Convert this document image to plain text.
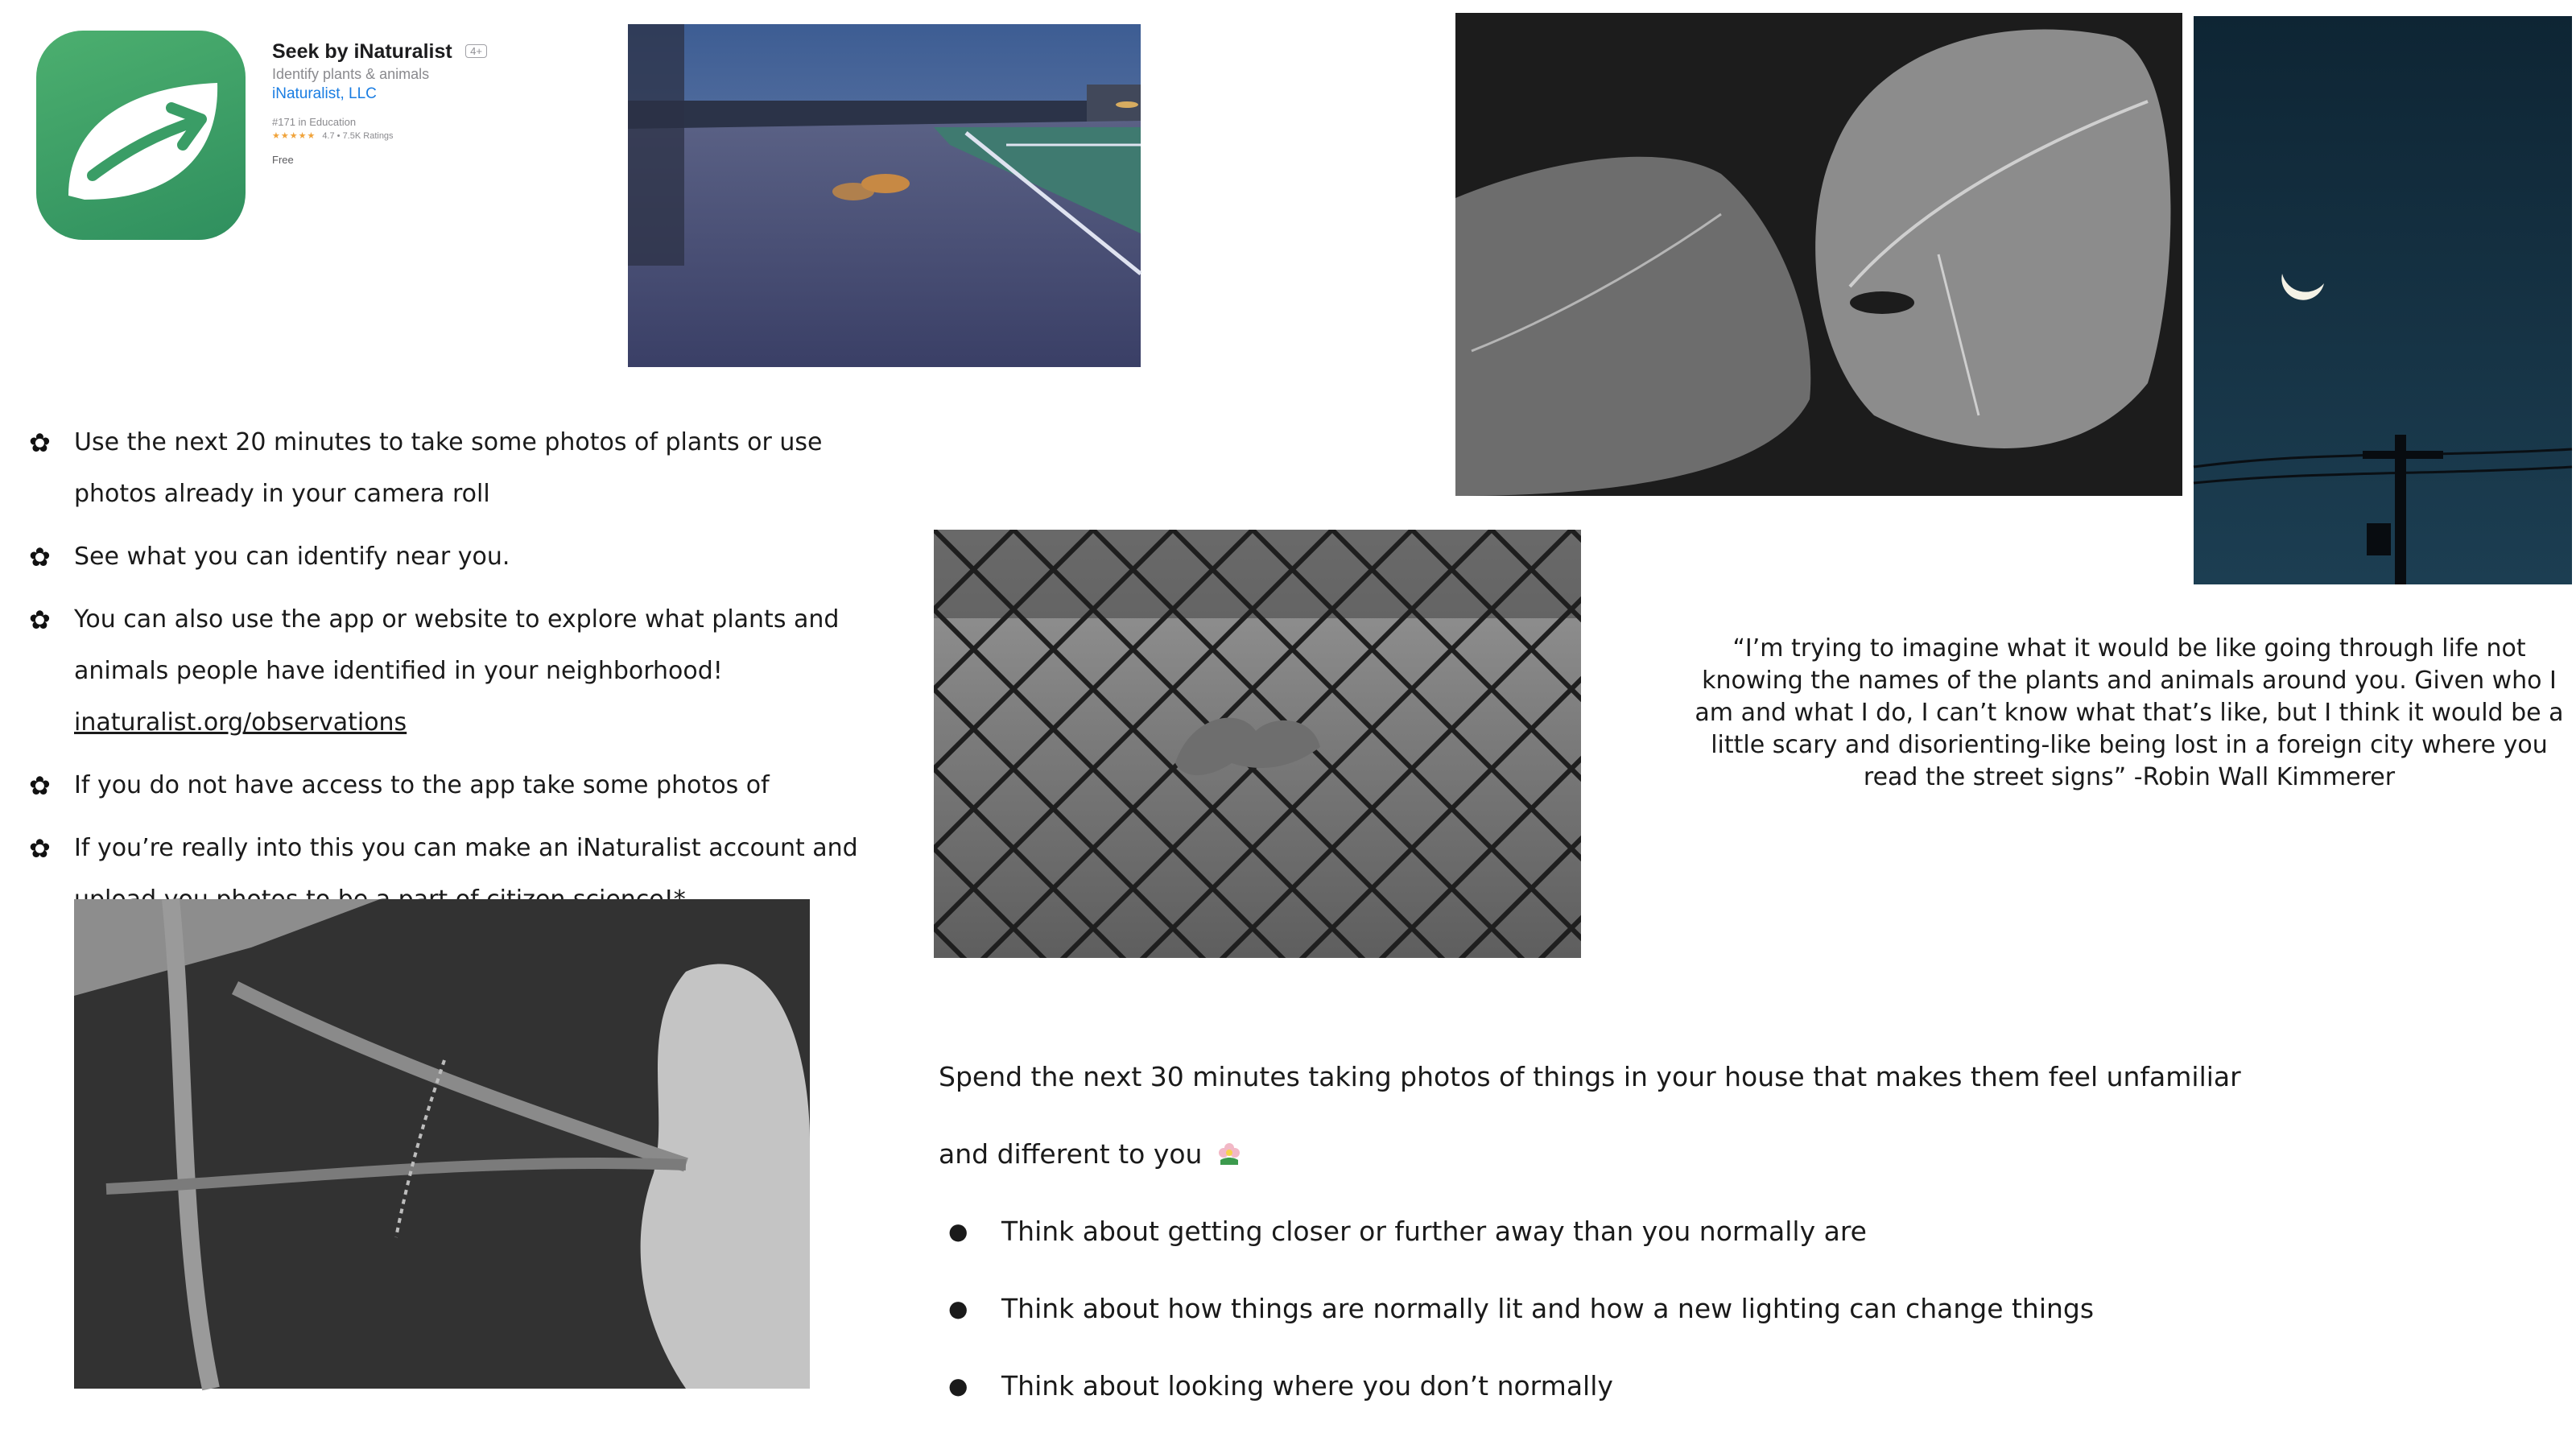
Seek by iNaturalist 4+
Identify plants & animals
iNaturalist, LLC
#171 in Education
★★★★★ 4.7 • 7.5K Ratings
Free
✿ Use the next 20 minutes to take some photos of plants or use photos already in your camera roll
✿ See what you can identify near you.
✿ You can also use the app or website to explore what plants and animals people have identified in your neighborhood! inaturalist.org/observations
✿ If you do not have access to the app take some photos of
✿ If you’re really into this you can make an iNaturalist account and
“I’m trying to imagine what it would be like going through life not knowing the names of the plants and animals around you. Given who I am and what I do, I can’t know what that’s like, but I think it would be a little scary and disorienting-like being lost in a foreign city where you read the street signs” -Robin Wall Kimmerer
Spend the next 30 minutes taking photos of things in your house that makes them feel unfamiliar
and different to you
●	Think about getting closer or further away than you normally are
●	Think about how things are normally lit and how a new lighting can change things
●	Think about looking where you don’t normally
